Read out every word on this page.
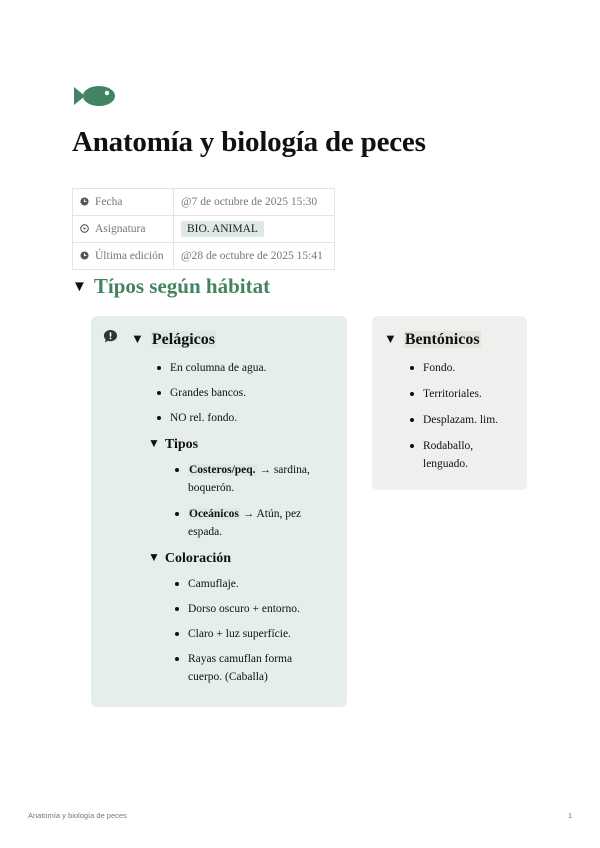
Anatomía y biología de peces
Fecha	@7 de octubre de 2025 15:30
Asignatura	BIO. ANIMAL
Última edición	@28 de octubre de 2025 15:41
▼ Típos según hábitat
▼ Pelágicos
En columna de agua.
Grandes bancos.
NO rel. fondo.
▼ Tipos
Costeros/peq. → sardina, boquerón.
Oceánicos → Atún, pez espada.
▼ Coloración
Camuflaje.
Dorso oscuro + entorno.
Claro + luz superfície.
Rayas camuflan forma cuerpo. (Caballa)
▼ Bentónicos
Fondo.
Territoriales.
Desplazam. lim.
Rodaballo, lenguado.
Anatomía y biología de peces	1
